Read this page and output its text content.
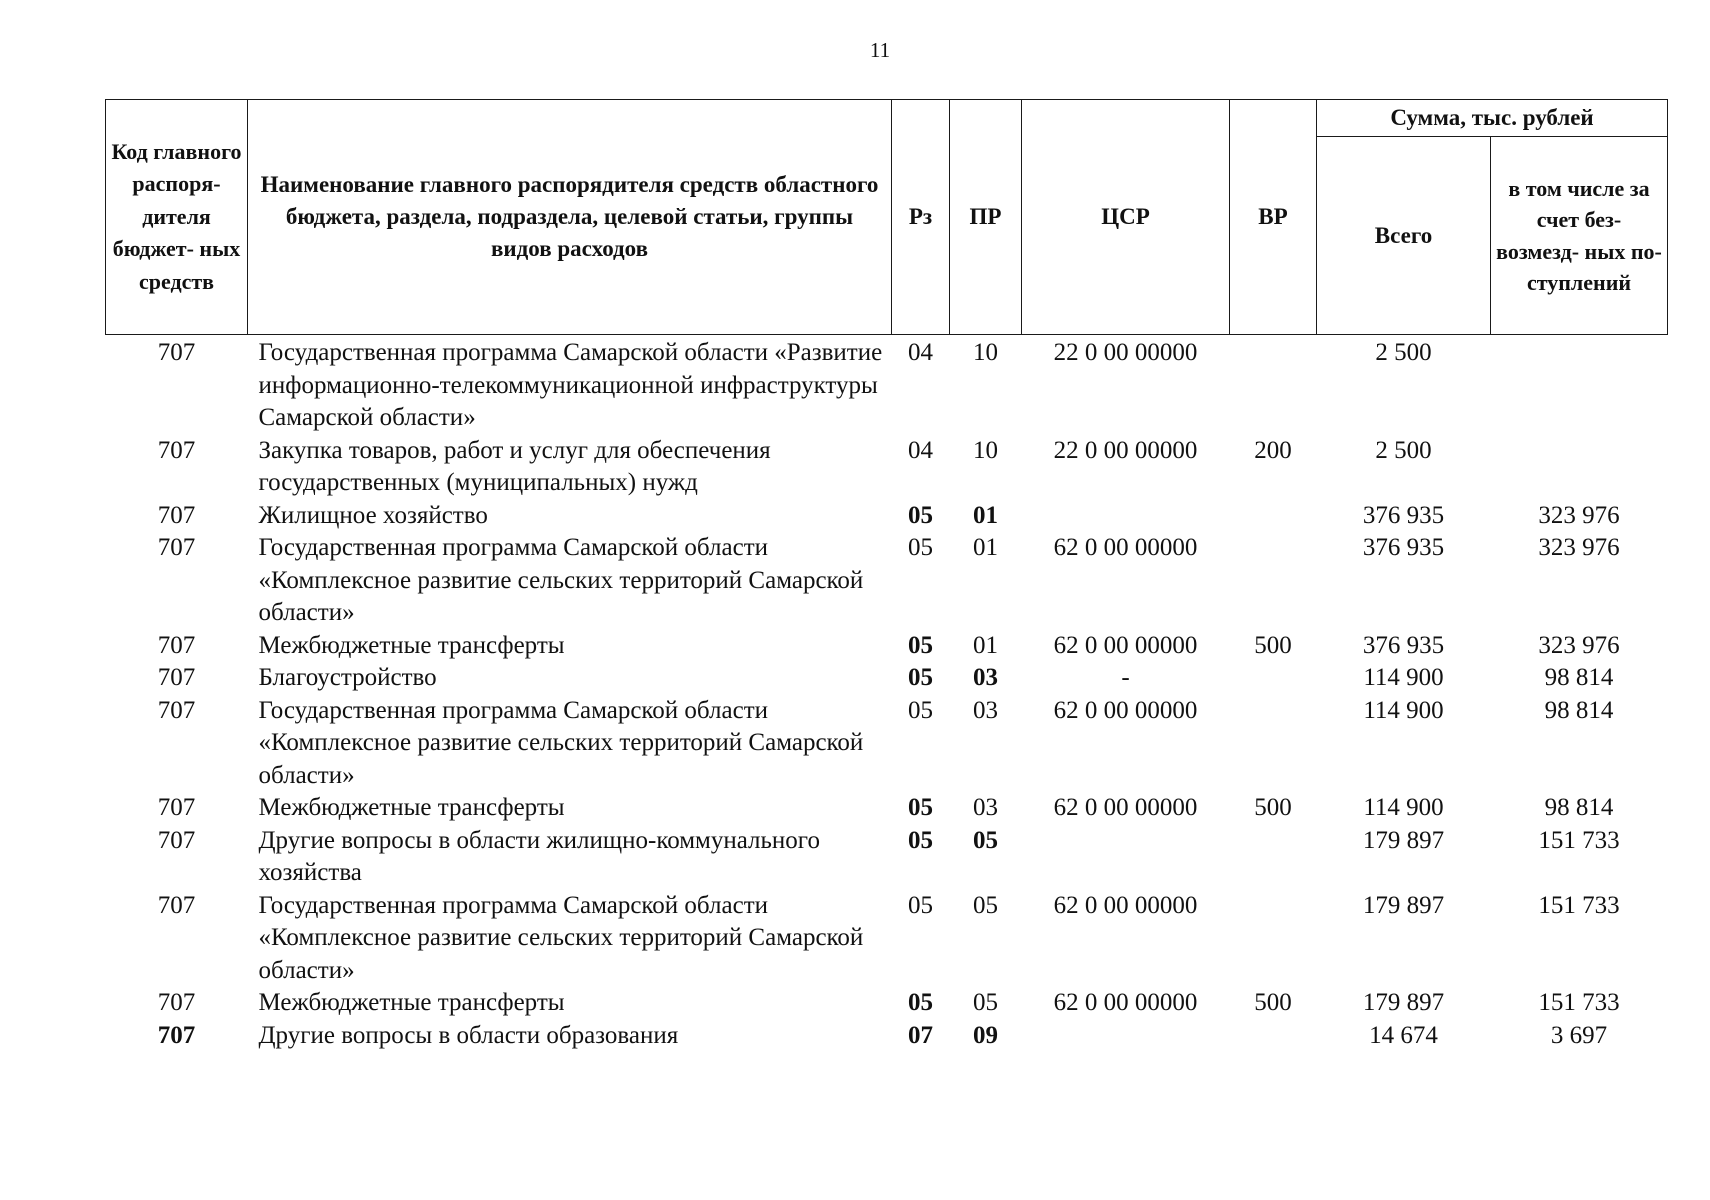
11
Код главного распоря- дителя бюджет- ных средств	Наименование главного распорядителя средств областного бюджета, раздела, подраздела, целевой статьи, группы видов расходов	Рз	ПР	ЦСР	ВР	Сумма, тыс. рублей	
						Всего	в том числе за счет без- возмезд- ных по- ступлений
707	Государственная программа Самарской области «Развитие информационно-телекоммуникационной инфраструктуры Самарской области»	04	10	22 0 00 00000		2 500	
707	Закупка товаров, работ и услуг для обеспечения государственных (муниципальных) нужд	04	10	22 0 00 00000	200	2 500	
707	Жилищное хозяйство	05	01			376 935	323 976
707	Государственная программа Самарской области «Комплексное развитие сельских территорий Самарской области»	05	01	62 0 00 00000		376 935	323 976
707	Межбюджетные трансферты	05	01	62 0 00 00000	500	376 935	323 976
707	Благоустройство	05	03	-		114 900	98 814
707	Государственная программа Самарской области «Комплексное развитие сельских территорий Самарской области»	05	03	62 0 00 00000		114 900	98 814
707	Межбюджетные трансферты	05	03	62 0 00 00000	500	114 900	98 814
707	Другие вопросы в области жилищно-коммунального хозяйства	05	05			179 897	151 733
707	Государственная программа Самарской области «Комплексное развитие сельских территорий Самарской области»	05	05	62 0 00 00000		179 897	151 733
707	Межбюджетные трансферты	05	05	62 0 00 00000	500	179 897	151 733
707	Другие вопросы в области образования	07	09			14 674	3 697
